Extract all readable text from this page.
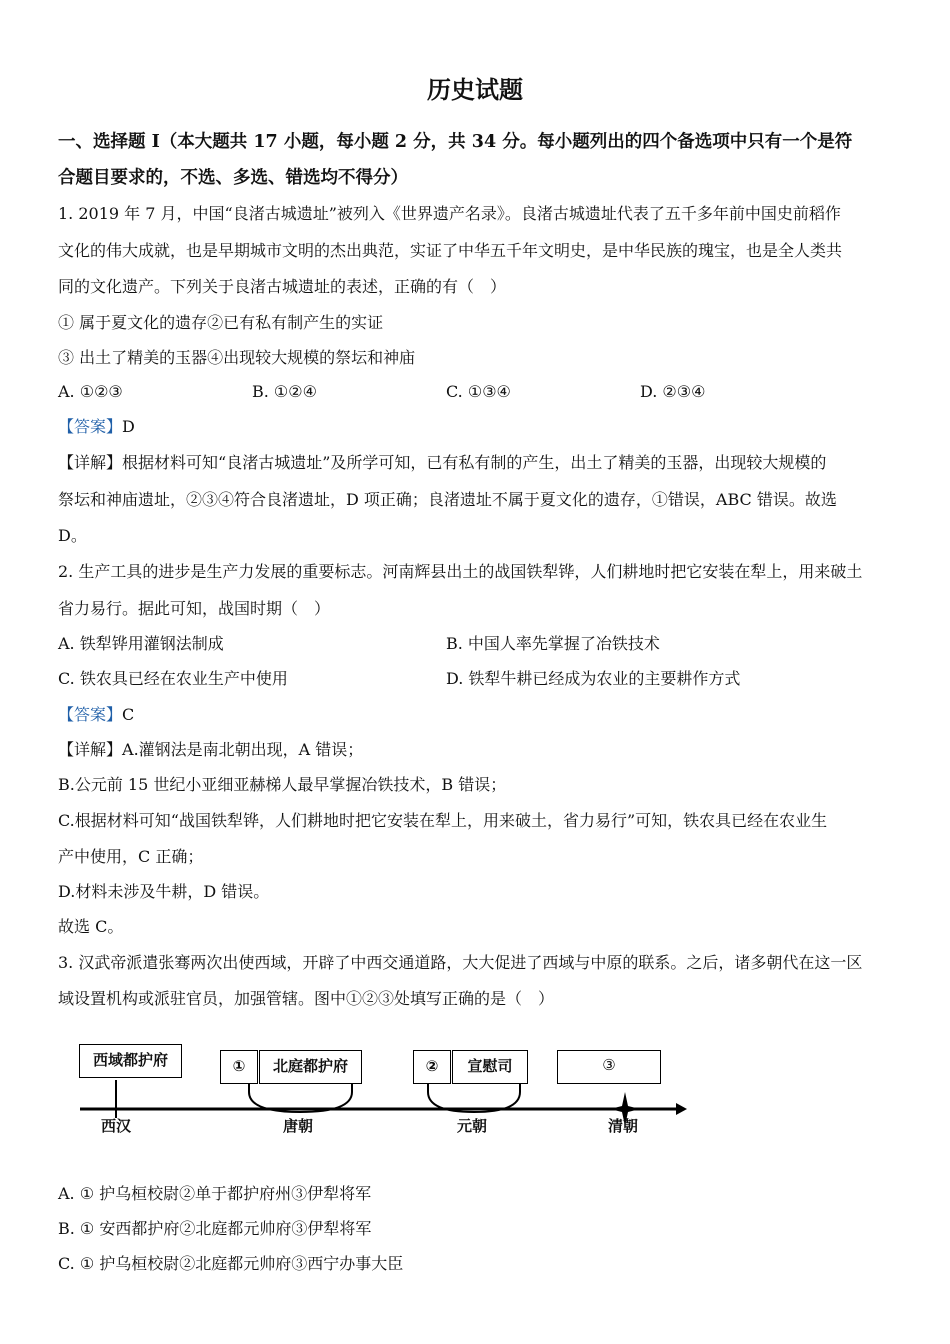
历史试题
一、选择题 I（本大题共 17 小题，每小题 2 分，共 34 分。每小题列出的四个备选项中只有一个是符
合题目要求的，不选、多选、错选均不得分）
1. 2019 年 7 月，中国“良渚古城遗址”被列入《世界遗产名录》。良渚古城遗址代表了五千多年前中国史前稻作
文化的伟大成就，也是早期城市文明的杰出典范，实证了中华五千年文明史，是中华民族的瑰宝，也是全人类共
同的文化遗产。下列关于良渚古城遗址的表述，正确的有（　）
① 属于夏文化的遗存②已有私有制产生的实证
③ 出土了精美的玉器④出现较大规模的祭坛和神庙
A. ①②③	B. ①②④	C. ①③④	D. ②③④
【答案】D
【详解】根据材料可知“良渚古城遗址”及所学可知，已有私有制的产生，出土了精美的玉器，出现较大规模的
祭坛和神庙遗址，②③④符合良渚遗址，D 项正确；良渚遗址不属于夏文化的遗存，①错误，ABC 错误。故选
D。
2. 生产工具的进步是生产力发展的重要标志。河南辉县出土的战国铁犁铧，人们耕地时把它安装在犁上，用来破土
省力易行。据此可知，战国时期（　）
A. 铁犁铧用灌钢法制成	B. 中国人率先掌握了冶铁技术
C. 铁农具已经在农业生产中使用	D. 铁犁牛耕已经成为农业的主要耕作方式
【答案】C
【详解】A.灌钢法是南北朝出现，A 错误；
B.公元前 15 世纪小亚细亚赫梯人最早掌握冶铁技术，B 错误；
C.根据材料可知“战国铁犁铧，人们耕地时把它安装在犁上，用来破土，省力易行”可知，铁农具已经在农业生
产中使用，C 正确；
D.材料未涉及牛耕，D 错误。
故选 C。
3. 汉武帝派遣张骞两次出使西域，开辟了中西交通道路，大大促进了西域与中原的联系。之后，诸多朝代在这一区
域设置机构或派驻官员，加强管辖。图中①②③处填写正确的是（　）
西域都护府	①	北庭都护府	②	宣慰司	③
西汉	唐朝	元朝	清朝
A. ① 护乌桓校尉②单于都护府州③伊犁将军
B. ① 安西都护府②北庭都元帅府③伊犁将军
C. ① 护乌桓校尉②北庭都元帅府③西宁办事大臣
